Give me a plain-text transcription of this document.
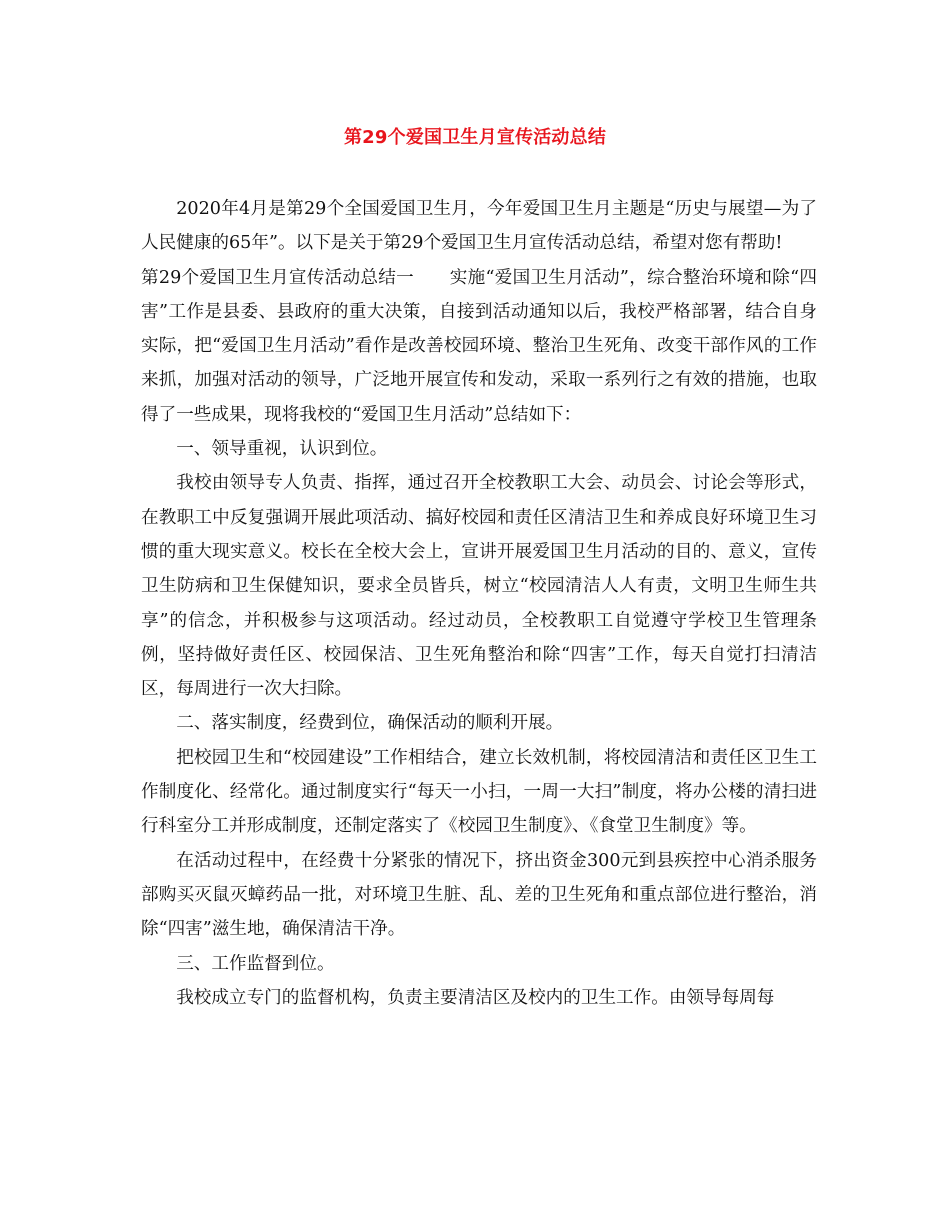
第29个爱国卫生月宣传活动总结

2020年4月是第29个全国爱国卫生月，今年爱国卫生月主题是“历史与展望—为了人民健康的65年”。以下是关于第29个爱国卫生月宣传活动总结，希望对您有帮助!

第29个爱国卫生月宣传活动总结一　　实施“爱国卫生月活动”，综合整治环境和除“四害”工作是县委、县政府的重大决策，自接到活动通知以后，我校严格部署，结合自身实际，把“爱国卫生月活动”看作是改善校园环境、整治卫生死角、改变干部作风的工作来抓，加强对活动的领导，广泛地开展宣传和发动，采取一系列行之有效的措施，也取得了一些成果，现将我校的“爱国卫生月活动”总结如下：

一、领导重视，认识到位。

我校由领导专人负责、指挥，通过召开全校教职工大会、动员会、讨论会等形式，在教职工中反复强调开展此项活动、搞好校园和责任区清洁卫生和养成良好环境卫生习惯的重大现实意义。校长在全校大会上，宣讲开展爱国卫生月活动的目的、意义，宣传卫生防病和卫生保健知识，要求全员皆兵，树立“校园清洁人人有责，文明卫生师生共享”的信念，并积极参与这项活动。经过动员，全校教职工自觉遵守学校卫生管理条例，坚持做好责任区、校园保洁、卫生死角整治和除“四害”工作，每天自觉打扫清洁区，每周进行一次大扫除。

二、落实制度，经费到位，确保活动的顺利开展。

把校园卫生和“校园建设”工作相结合，建立长效机制，将校园清洁和责任区卫生工作制度化、经常化。通过制度实行“每天一小扫，一周一大扫”制度，将办公楼的清扫进行科室分工并形成制度，还制定落实了《校园卫生制度》、《食堂卫生制度》等。

在活动过程中，在经费十分紧张的情况下，挤出资金300元到县疾控中心消杀服务部购买灭鼠灭蟑药品一批，对环境卫生脏、乱、差的卫生死角和重点部位进行整治，消除“四害”滋生地，确保清洁干净。

三、工作监督到位。

我校成立专门的监督机构，负责主要清洁区及校内的卫生工作。由领导每周每
